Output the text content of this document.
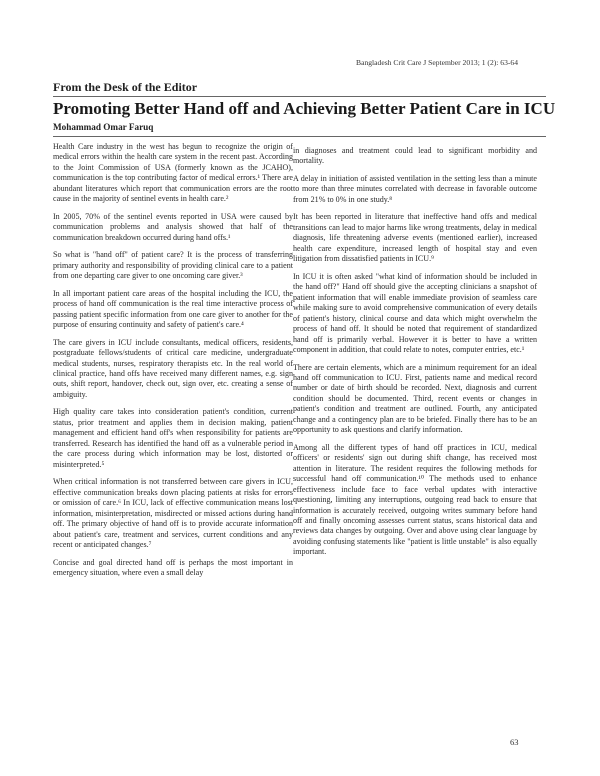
Bangladesh Crit Care J September 2013; 1 (2): 63-64
From the Desk of the Editor
Promoting Better Hand off and Achieving Better Patient Care in ICU
Mohammad Omar Faruq

Health Care industry in the west has begun to recognize the origin of medical errors within the health care system in the recent past. According to the Joint Commission of USA (formerly known as the JCAHO), communication is the top contributing factor of medical errors.¹ There are abundant literatures which report that communication errors are the root cause in the majority of sentinel events in health care.²

In 2005, 70% of the sentinel events reported in USA were caused by communication problems and analysis showed that half of the communication breakdown occurred during hand offs.¹

So what is "hand off" of patient care? It is the process of transferring primary authority and responsibility of providing clinical care to a patient from one departing care giver to one oncoming care giver.³

In all important patient care areas of the hospital including the ICU, the process of hand off communication is the real time interactive process of passing patient specific information from one care giver to another for the purpose of ensuring continuity and safety of patient's care.⁴

The care givers in ICU include consultants, medical officers, residents, postgraduate fellows/students of critical care medicine, undergraduate medical students, nurses, respiratory therapists etc. In the real world of clinical practice, hand offs have received many different names, e.g. sign outs, shift report, handover, check out, sign over, etc. creating a sense of ambiguity.

High quality care takes into consideration patient's condition, current status, prior treatment and applies them in decision making, patient management and efficient hand off's when responsibility for patients are transferred. Research has identified the hand off as a vulnerable period in the care process during which information may be lost, distorted or misinterpreted.⁵

When critical information is not transferred between care givers in ICU, effective communication breaks down placing patients at risks for errors or omission of care.⁶ In ICU, lack of effective communication means lost information, misinterpretation, misdirected or missed actions during hand off. The primary objective of hand off is to provide accurate information about patient's care, treatment and services, current conditions and any recent or anticipated changes.⁷

Concise and goal directed hand off is perhaps the most important in emergency situation, where even a small delay

in diagnoses and treatment could lead to significant morbidity and mortality.

A delay in initiation of assisted ventilation in the setting less than a minute to more than three minutes correlated with decrease in favorable outcome from 21% to 0% in one study.⁸

It has been reported in literature that ineffective hand offs and medical transitions can lead to major harms like wrong treatments, delay in medical diagnosis, life threatening adverse events (mentioned earlier), increased health care expenditure, increased length of hospital stay and even litigation from dissatisfied patients in ICU.⁹

In ICU it is often asked "what kind of information should be included in the hand off?" Hand off should give the accepting clinicians a snapshot of patient information that will enable immediate provision of seamless care while making sure to avoid comprehensive communication of every details of patient's history, clinical course and data which might overwhelm the process of hand off. It should be noted that requirement of standardized hand off is primarily verbal. However it is better to have a written component in addition, that could relate to notes, computer entries, etc.¹

There are certain elements, which are a minimum requirement for an ideal hand off communication to ICU. First, patients name and medical record number or date of birth should be recorded. Next, diagnosis and current condition should be documented. Third, recent events or changes in patient's condition and treatment are outlined. Fourth, any anticipated change and a contingency plan are to be briefed. Finally there has to be an opportunity to ask questions and clarify information.

Among all the different types of hand off practices in ICU, medical officers' or residents' sign out during shift change, has received most attention in literature. The resident requires the following methods for successful hand off communication.¹⁰ The methods used to enhance effectiveness include face to face verbal updates with interactive questioning, limiting any interruptions, outgoing read back to ensure that information is accurately received, outgoing writes summary before hand off and finally oncoming assesses current status, scans historical data and reviews data changes by outgoing. Over and above using clear language by avoiding confusing statements like "patient is little unstable" is also equally important.

63
